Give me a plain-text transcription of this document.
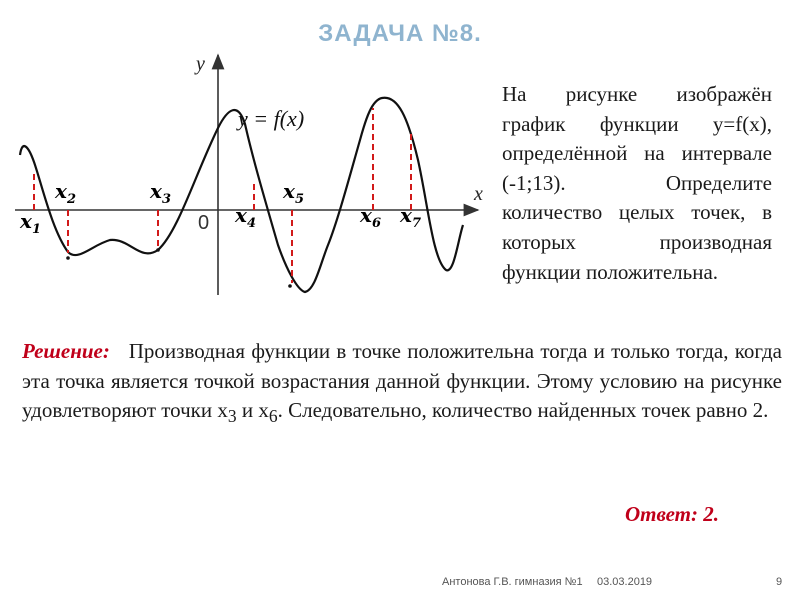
ЗАДАЧА №8.
y
x
0
y = f(x)
$x_1$
$x_2$	$x_3$
$x_4$
$x_5$
$x_6$ $x_7$
На рисунке изображён график функции y=f(x), определённой на интервале (-1;13). Определите количество целых точек, в которых производная функции положительна.
Решение: Производная функции в точке положительна тогда и только тогда, когда эта точка является точкой возрастания данной функции. Этому условию на рисунке удовлетворяют точки $x_3$ и $x_6$. Следовательно, количество найденных точек равно 2.
Ответ: 2.
Антонова Г.В. гимназия №1 03.03.2019	9
